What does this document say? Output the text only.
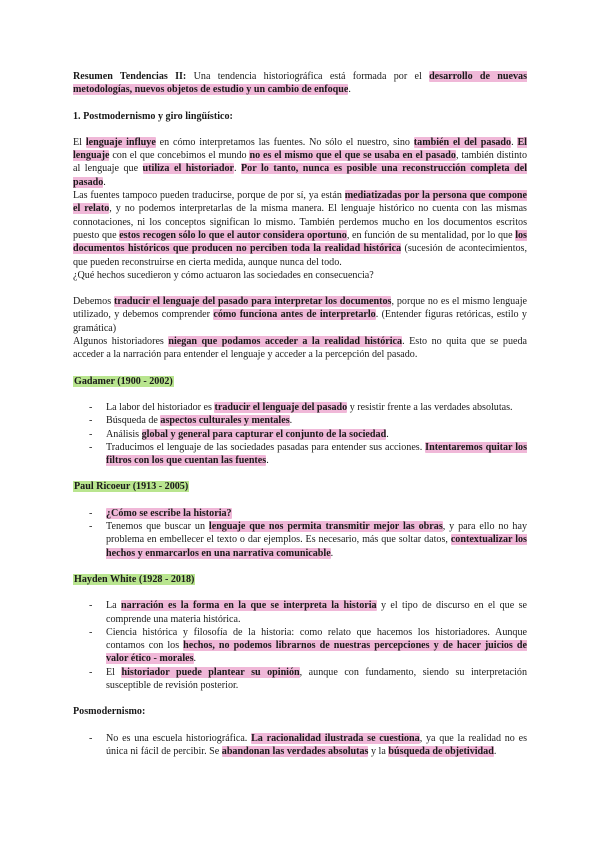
Resumen Tendencias II: Una tendencia historiográfica está formada por el desarrollo de nuevas metodologías, nuevos objetos de estudio y un cambio de enfoque.

1. Postmodernismo y giro lingüístico:

El lenguaje influye en cómo interpretamos las fuentes. No sólo el nuestro, sino también el del pasado. El lenguaje con el que concebimos el mundo no es el mismo que el que se usaba en el pasado, también distinto al lenguaje que utiliza el historiador. Por lo tanto, nunca es posible una reconstrucción completa del pasado.

Las fuentes tampoco pueden traducirse, porque de por sí, ya están mediatizadas por la persona que compone el relato, y no podemos interpretarlas de la misma manera. El lenguaje histórico no cuenta con las mismas connotaciones, ni los conceptos significan lo mismo. También perdemos mucho en los documentos escritos puesto que estos recogen sólo lo que el autor considera oportuno, en función de su mentalidad, por lo que los documentos históricos que producen no perciben toda la realidad histórica (sucesión de acontecimientos, que pueden reconstruirse en cierta medida, aunque nunca del todo.

¿Qué hechos sucedieron y cómo actuaron las sociedades en consecuencia?

Debemos traducir el lenguaje del pasado para interpretar los documentos, porque no es el mismo lenguaje utilizado, y debemos comprender cómo funciona antes de interpretarlo. (Entender figuras retóricas, estilo y gramática)

Algunos historiadores niegan que podamos acceder a la realidad histórica. Esto no quita que se pueda acceder a la narración para entender el lenguaje y acceder a la percepción del pasado.

Gadamer (1900 - 2002)

- La labor del historiador es traducir el lenguaje del pasado y resistir frente a las verdades absolutas.
- Búsqueda de aspectos culturales y mentales.
- Análisis global y general para capturar el conjunto de la sociedad.
- Traducimos el lenguaje de las sociedades pasadas para entender sus acciones. Intentaremos quitar los filtros con los que cuentan las fuentes.

Paul Ricoeur (1913 - 2005)

- ¿Cómo se escribe la historia?
- Tenemos que buscar un lenguaje que nos permita transmitir mejor las obras, y para ello no hay problema en embellecer el texto o dar ejemplos. Es necesario, más que soltar datos, contextualizar los hechos y enmarcarlos en una narrativa comunicable.

Hayden White (1928 - 2018)

- La narración es la forma en la que se interpreta la historia y el tipo de discurso en el que se comprende una materia histórica.
- Ciencia histórica y filosofía de la historia: como relato que hacemos los historiadores. Aunque contamos con los hechos, no podemos librarnos de nuestras percepciones y de hacer juicios de valor ético - morales.
- El historiador puede plantear su opinión, aunque con fundamento, siendo su interpretación susceptible de revisión posterior.

Posmodernismo:

- No es una escuela historiográfica. La racionalidad ilustrada se cuestiona, ya que la realidad no es única ni fácil de percibir. Se abandonan las verdades absolutas y la búsqueda de objetividad.
